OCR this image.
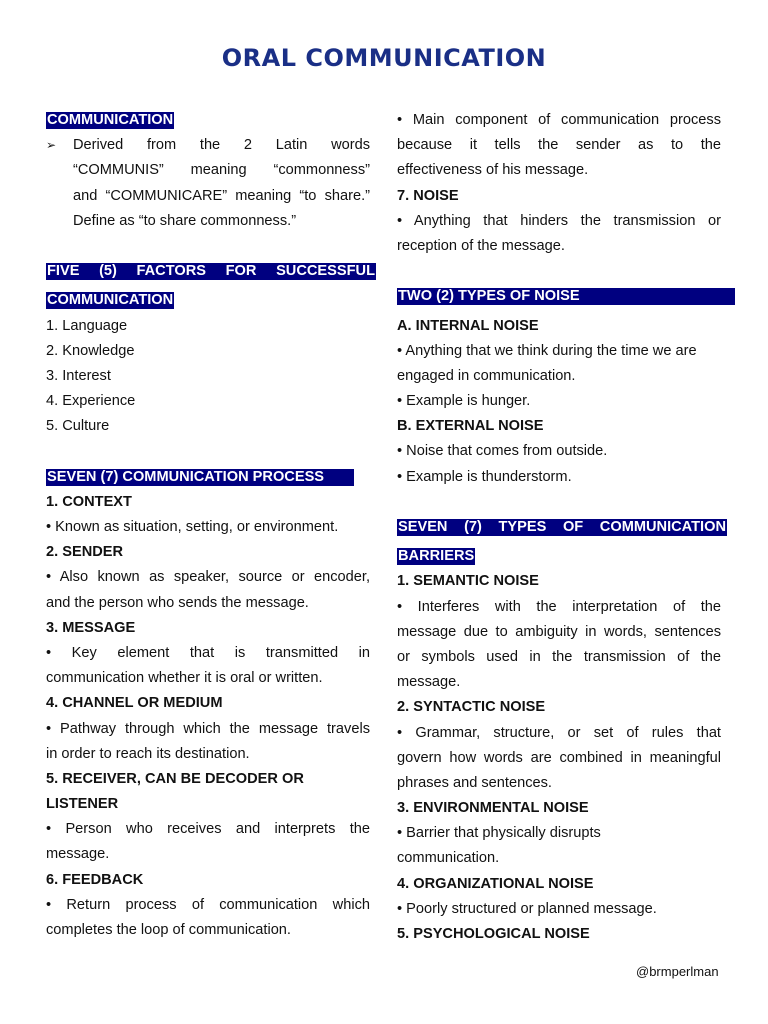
ORAL COMMUNICATION
COMMUNICATION
➢	Derived from the 2 Latin words
“COMMUNIS” meaning “commonness”
and “COMMUNICARE” meaning “to share.”
Define as “to share commonness.”
FIVE (5) FACTORS FOR SUCCESSFUL
COMMUNICATION
1. Language
2. Knowledge
3. Interest
4. Experience
5. Culture
SEVEN (7) COMMUNICATION PROCESS
1. CONTEXT
• Known as situation, setting, or environment.
2. SENDER
• Also known as speaker, source or encoder,
and the person who sends the message.
3. MESSAGE
• Key element that is transmitted in
communication whether it is oral or written.
4. CHANNEL OR MEDIUM
• Pathway through which the message travels
in order to reach its destination.
5. RECEIVER, CAN BE DECODER OR
LISTENER
• Person who receives and interprets the
message.
6. FEEDBACK
• Return process of communication which
completes the loop of communication.
• Main component of communication process
because it tells the sender as to the
effectiveness of his message.
7. NOISE
• Anything that hinders the transmission or
reception of the message.
TWO (2) TYPES OF NOISE
A. INTERNAL NOISE
• Anything that we think during the time we are
engaged in communication.
• Example is hunger.
B. EXTERNAL NOISE
• Noise that comes from outside.
• Example is thunderstorm.
SEVEN (7) TYPES OF COMMUNICATION
BARRIERS
1. SEMANTIC NOISE
• Interferes with the interpretation of the
message due to ambiguity in words, sentences
or symbols used in the transmission of the
message.
2. SYNTACTIC NOISE
• Grammar, structure, or set of rules that
govern how words are combined in meaningful
phrases and sentences.
3. ENVIRONMENTAL NOISE
• Barrier that physically disrupts
communication.
4. ORGANIZATIONAL NOISE
• Poorly structured or planned message.
5. PSYCHOLOGICAL NOISE
@brmperlman
